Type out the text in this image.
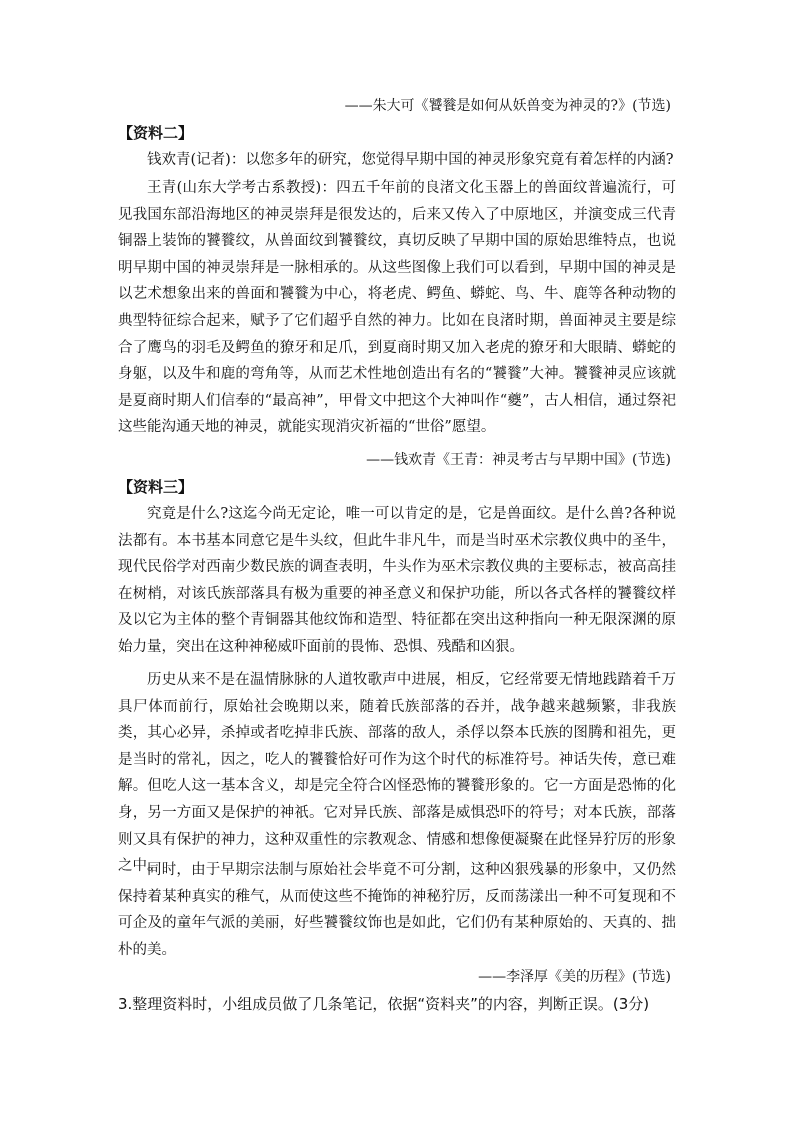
——朱大可《饕餮是如何从妖兽变为神灵的?》(节选)
【资料二】
钱欢青(记者)：以您多年的研究，您觉得早期中国的神灵形象究竟有着怎样的内涵?
王青(山东大学考古系教授)：四五千年前的良渚文化玉器上的兽面纹普遍流行，可见我国东部沿海地区的神灵崇拜是很发达的，后来又传入了中原地区，并演变成三代青铜器上装饰的饕餮纹，从兽面纹到饕餮纹，真切反映了早期中国的原始思维特点，也说明早期中国的神灵崇拜是一脉相承的。从这些图像上我们可以看到，早期中国的神灵是以艺术想象出来的兽面和饕餮为中心，将老虎、鳄鱼、蟒蛇、鸟、牛、鹿等各种动物的典型特征综合起来，赋予了它们超乎自然的神力。比如在良渚时期，兽面神灵主要是综合了鹰鸟的羽毛及鳄鱼的獠牙和足爪，到夏商时期又加入老虎的獠牙和大眼睛、蟒蛇的身躯，以及牛和鹿的弯角等，从而艺术性地创造出有名的“饕餮”大神。饕餮神灵应该就是夏商时期人们信奉的“最高神”，甲骨文中把这个大神叫作“夔”，古人相信，通过祭祀这些能沟通天地的神灵，就能实现消灾祈福的“世俗”愿望。
——钱欢青《王青：神灵考古与早期中国》(节选)
【资料三】
究竟是什么?这迄今尚无定论，唯一可以肯定的是，它是兽面纹。是什么兽?各种说法都有。本书基本同意它是牛头纹，但此牛非凡牛，而是当时巫术宗教仪典中的圣牛，现代民俗学对西南少数民族的调查表明，牛头作为巫术宗教仪典的主要标志，被高高挂在树梢，对该氏族部落具有极为重要的神圣意义和保护功能，所以各式各样的饕餮纹样及以它为主体的整个青铜器其他纹饰和造型、特征都在突出这种指向一种无限深渊的原始力量，突出在这种神秘威吓面前的畏怖、恐惧、残酷和凶狠。
历史从来不是在温情脉脉的人道牧歌声中进展，相反，它经常要无情地践踏着千万具尸体而前行，原始社会晚期以来，随着氏族部落的吞并，战争越来越频繁，非我族类，其心必异，杀掉或者吃掉非氏族、部落的敌人，杀俘以祭本氏族的图腾和祖先，更是当时的常礼，因之，吃人的饕餮恰好可作为这个时代的标准符号。神话失传，意已难解。但吃人这一基本含义，却是完全符合凶怪恐怖的饕餮形象的。它一方面是恐怖的化身，另一方面又是保护的神祇。它对异氏族、部落是威惧恐吓的符号；对本氏族，部落则又具有保护的神力，这种双重性的宗教观念、情感和想像便凝聚在此怪异狞厉的形象之中。
同时，由于早期宗法制与原始社会毕竟不可分割，这种凶狠残暴的形象中，又仍然保持着某种真实的稚气，从而使这些不掩饰的神秘狞厉，反而荡漾出一种不可复现和不可企及的童年气派的美丽，好些饕餮纹饰也是如此，它们仍有某种原始的、天真的、拙朴的美。
——李泽厚《美的历程》(节选)
3.整理资料时，小组成员做了几条笔记，依据“资料夹”的内容，判断正误。(3分)
